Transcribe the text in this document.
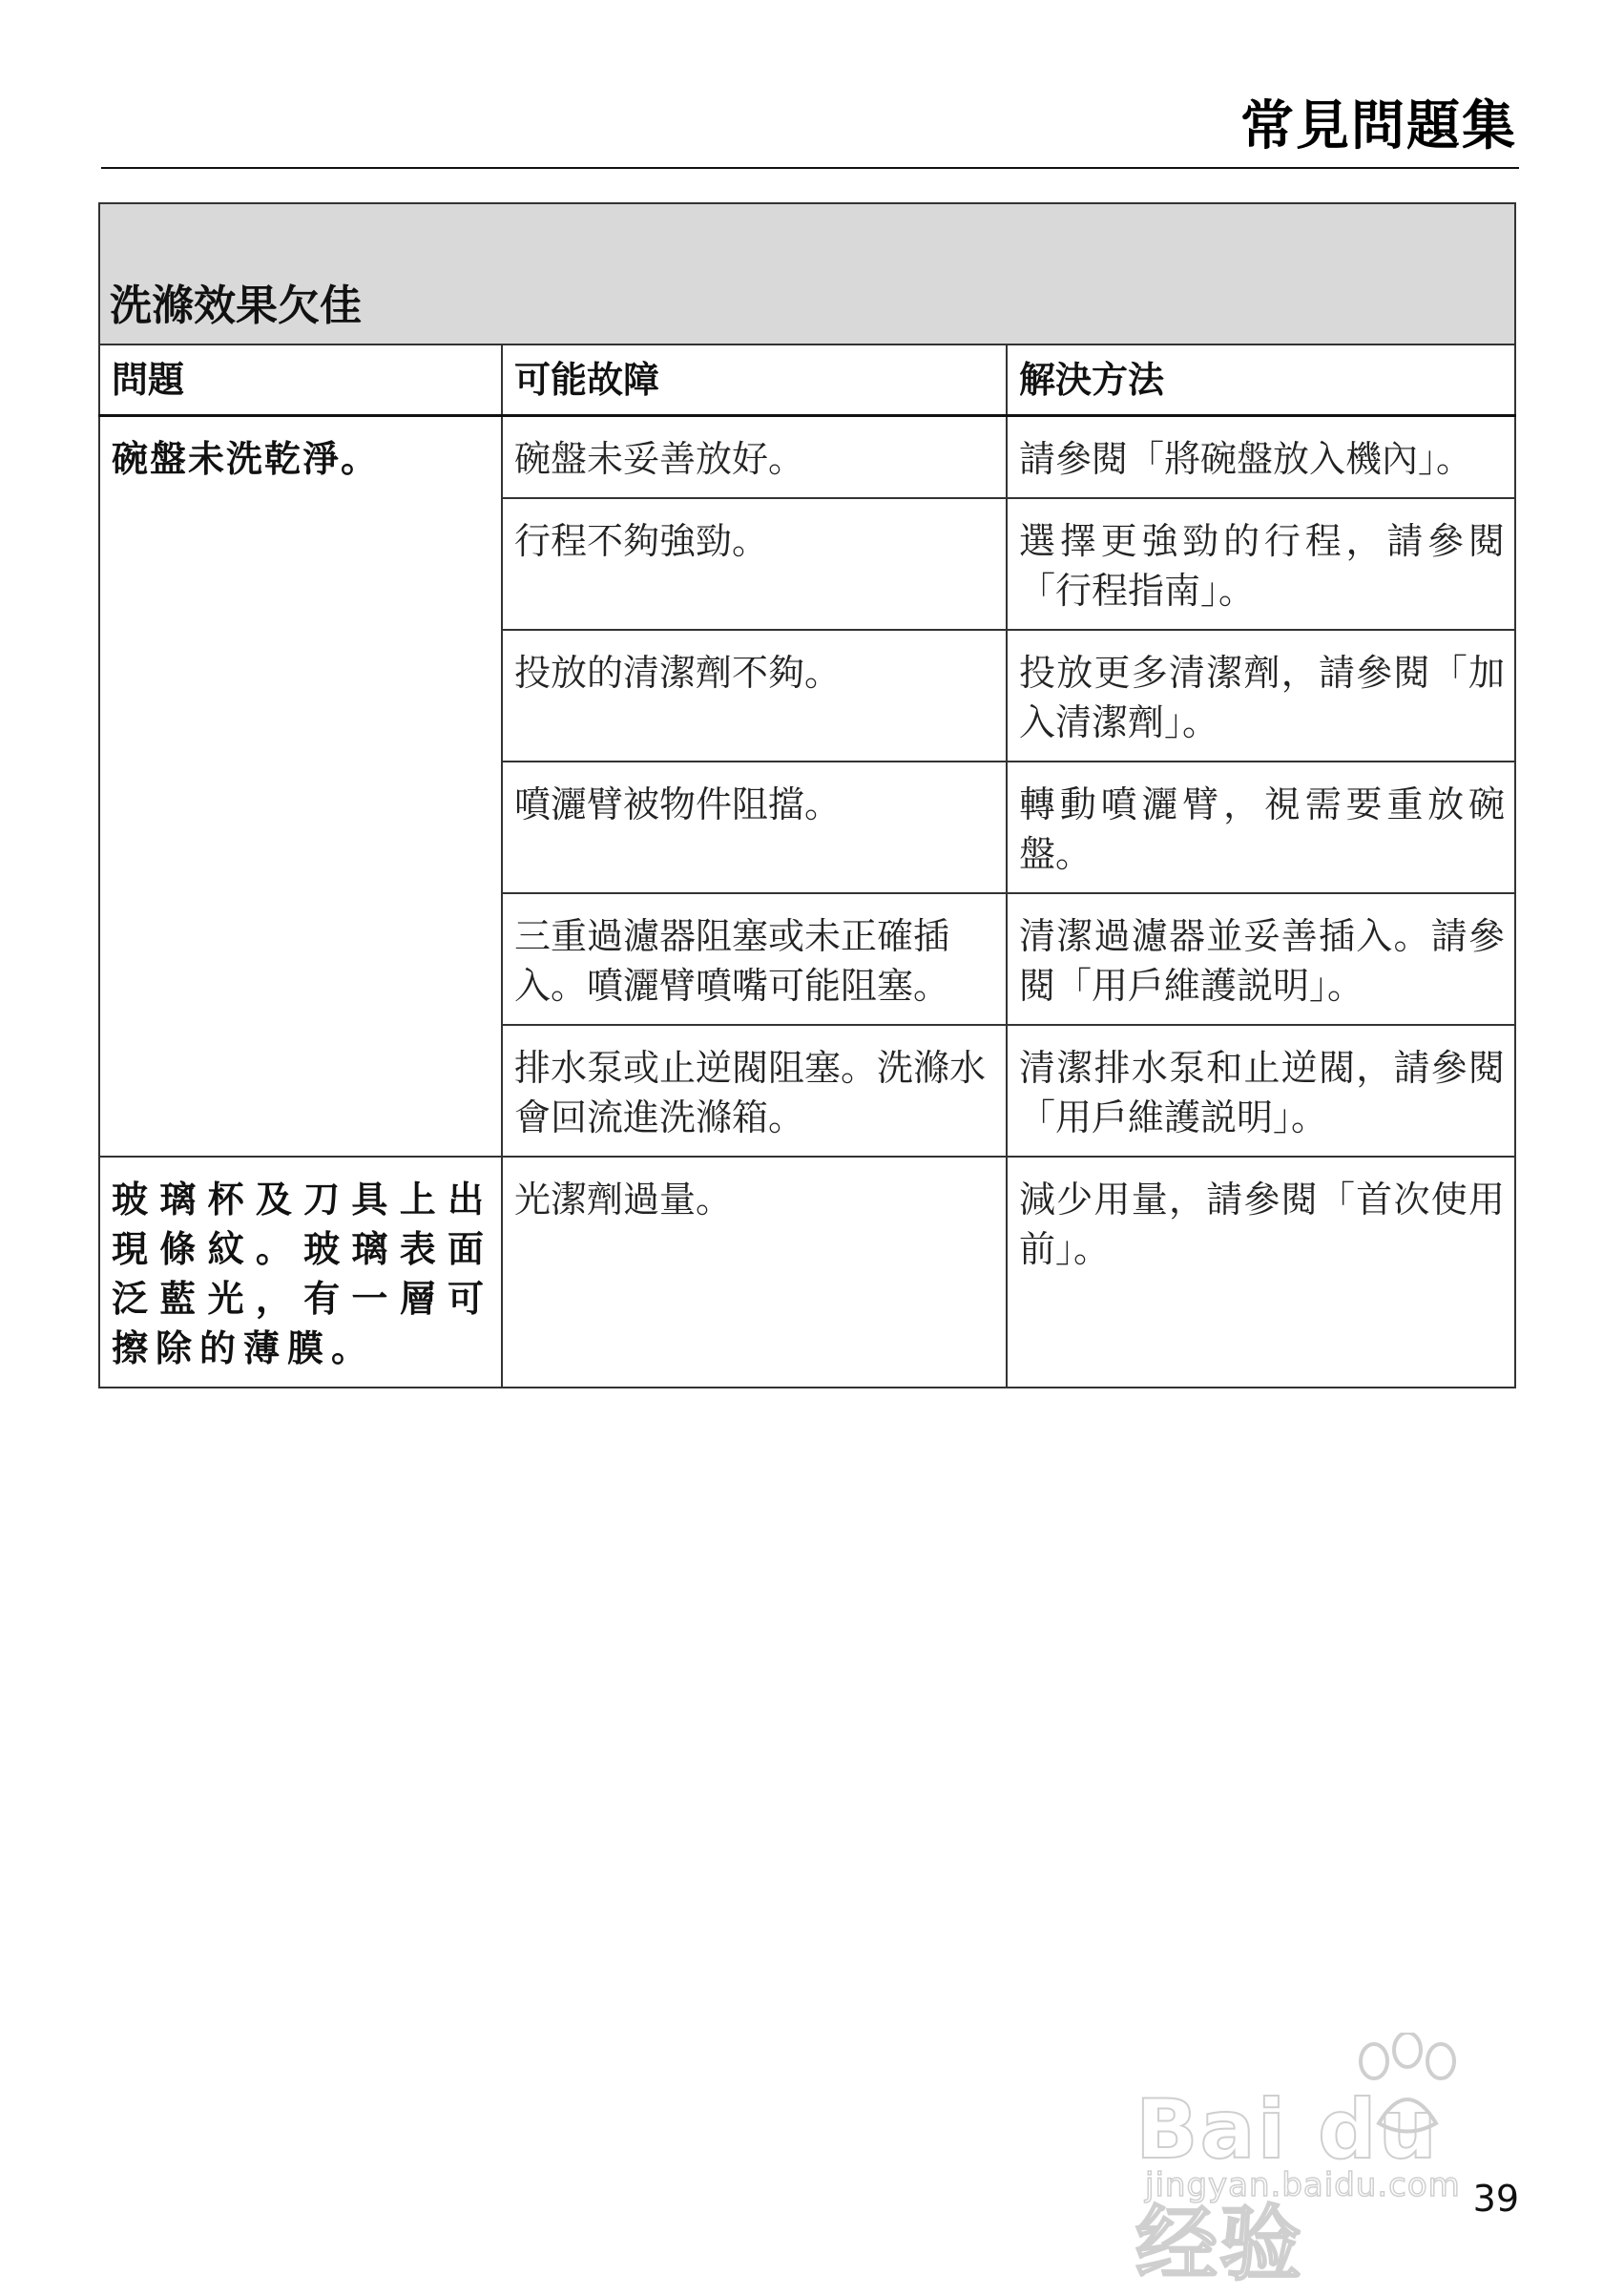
常見問題集
洗滌效果欠佳		

問題	可能故障	解決方法
碗盤未洗乾淨。	碗盤未妥善放好。	請參閱「將碗盤放入機內」。
	行程不夠強勁。	選擇更強勁的行程，請參閱「行程指南」。
	投放的清潔劑不夠。	投放更多清潔劑，請參閱「加入清潔劑」。
	噴灑臂被物件阻擋。	轉動噴灑臂，視需要重放碗盤。
	三重過濾器阻塞或未正確插入。噴灑臂噴嘴可能阻塞。	清潔過濾器並妥善插入。請參閱「用戶維護説明」。
	排水泵或止逆閥阻塞。洗滌水會回流進洗滌箱。	清潔排水泵和止逆閥，請參閱「用戶維護説明」。
玻璃杯及刀具上出現條紋。玻璃表面泛藍光，有一層可擦除的薄膜。	光潔劑過量。	減少用量，請參閱「首次使用前」。
Bai du 经验
jingyan.baidu.com 39
